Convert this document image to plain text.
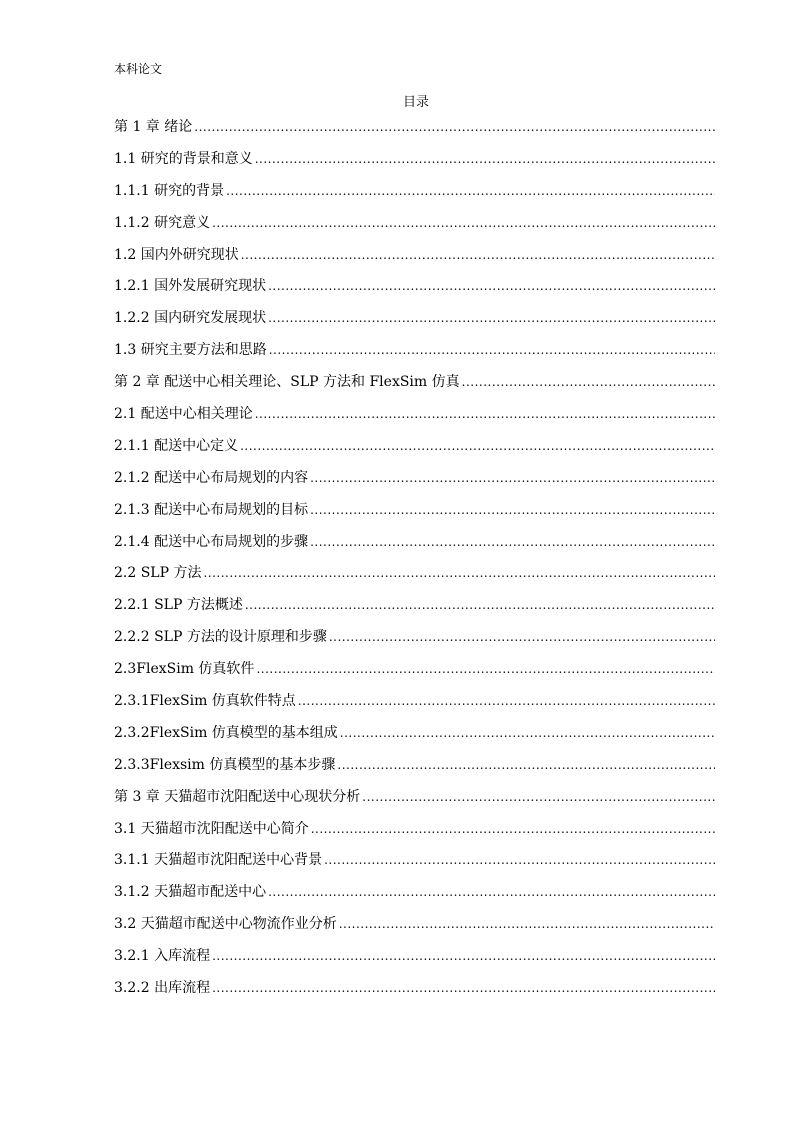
本科论文
目录
第 1 章 绪论
.....
1.1 研究的背景和意义
.....
1.1.1 研究的背景
.....
1.1.2 研究意义
.....
1.2 国内外研究现状
.....
1.2.1 国外发展研究现状
.....
1.2.2 国内研究发展现状
.....
1.3 研究主要方法和思路
.....
第 2 章 配送中心相关理论、SLP 方法和 FlexSim 仿真
.....
2.1 配送中心相关理论
.....
2.1.1 配送中心定义
.....
2.1.2 配送中心布局规划的内容
.....
2.1.3 配送中心布局规划的目标
.....
2.1.4 配送中心布局规划的步骤
.....
2.2 SLP 方法
.....
2.2.1 SLP 方法概述
.....
2.2.2 SLP 方法的设计原理和步骤
.....
2.3FlexSim 仿真软件
.....
2.3.1FlexSim 仿真软件特点
.....
2.3.2FlexSim 仿真模型的基本组成
.....
2.3.3Flexsim 仿真模型的基本步骤
.....
第 3 章 天猫超市沈阳配送中心现状分析
.....
3.1 天猫超市沈阳配送中心简介
.....
3.1.1 天猫超市沈阳配送中心背景
.....
3.1.2 天猫超市配送中心
.....
3.2 天猫超市配送中心物流作业分析
.....
3.2.1 入库流程
.....
3.2.2 出库流程
.....
